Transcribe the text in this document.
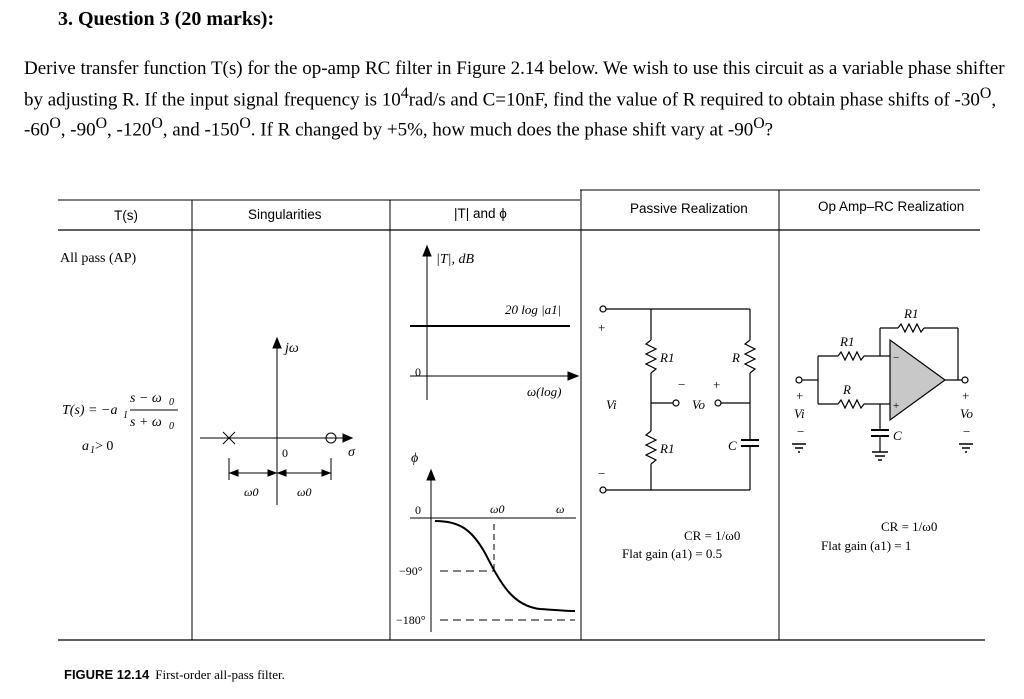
3. Question 3 (20 marks):
Derive transfer function T(s) for the op-amp RC filter in Figure 2.14 below. We wish to use this circuit as a variable phase shifter by adjusting R. If the input signal frequency is $10^4rad/s$ and C=10nF, find the value of R required to obtain phase shifts of $-30^O$, $-60^O$, $-90^O$, $-120^O$, and $-150^O$. If R changed by +5%, how much does the phase shift vary at $-90^O$?
T(s)	Singularities	|T| and ϕ	Passive Realization	Op Amp–RC Realization
All pass (AP)
T(s) = −a 1
s − ω 0
s + ω 0
a 1 > 0
jω
σ
0
ω0	ω0
|T|, dB
20 log |a1|
0
ω(log)
ϕ
0	ω0	ω
−90°
−180°
+
−
Vi	Vo
− +
R1	R
R1	C
CR = 1/ω0
Flat gain (a1) = 0.5
R1
R1
R
C
+
Vi
−
+
Vo
−
−
+
CR = 1/ω0
Flat gain (a1) = 1
FIGURE 12.14 First-order all-pass filter.
